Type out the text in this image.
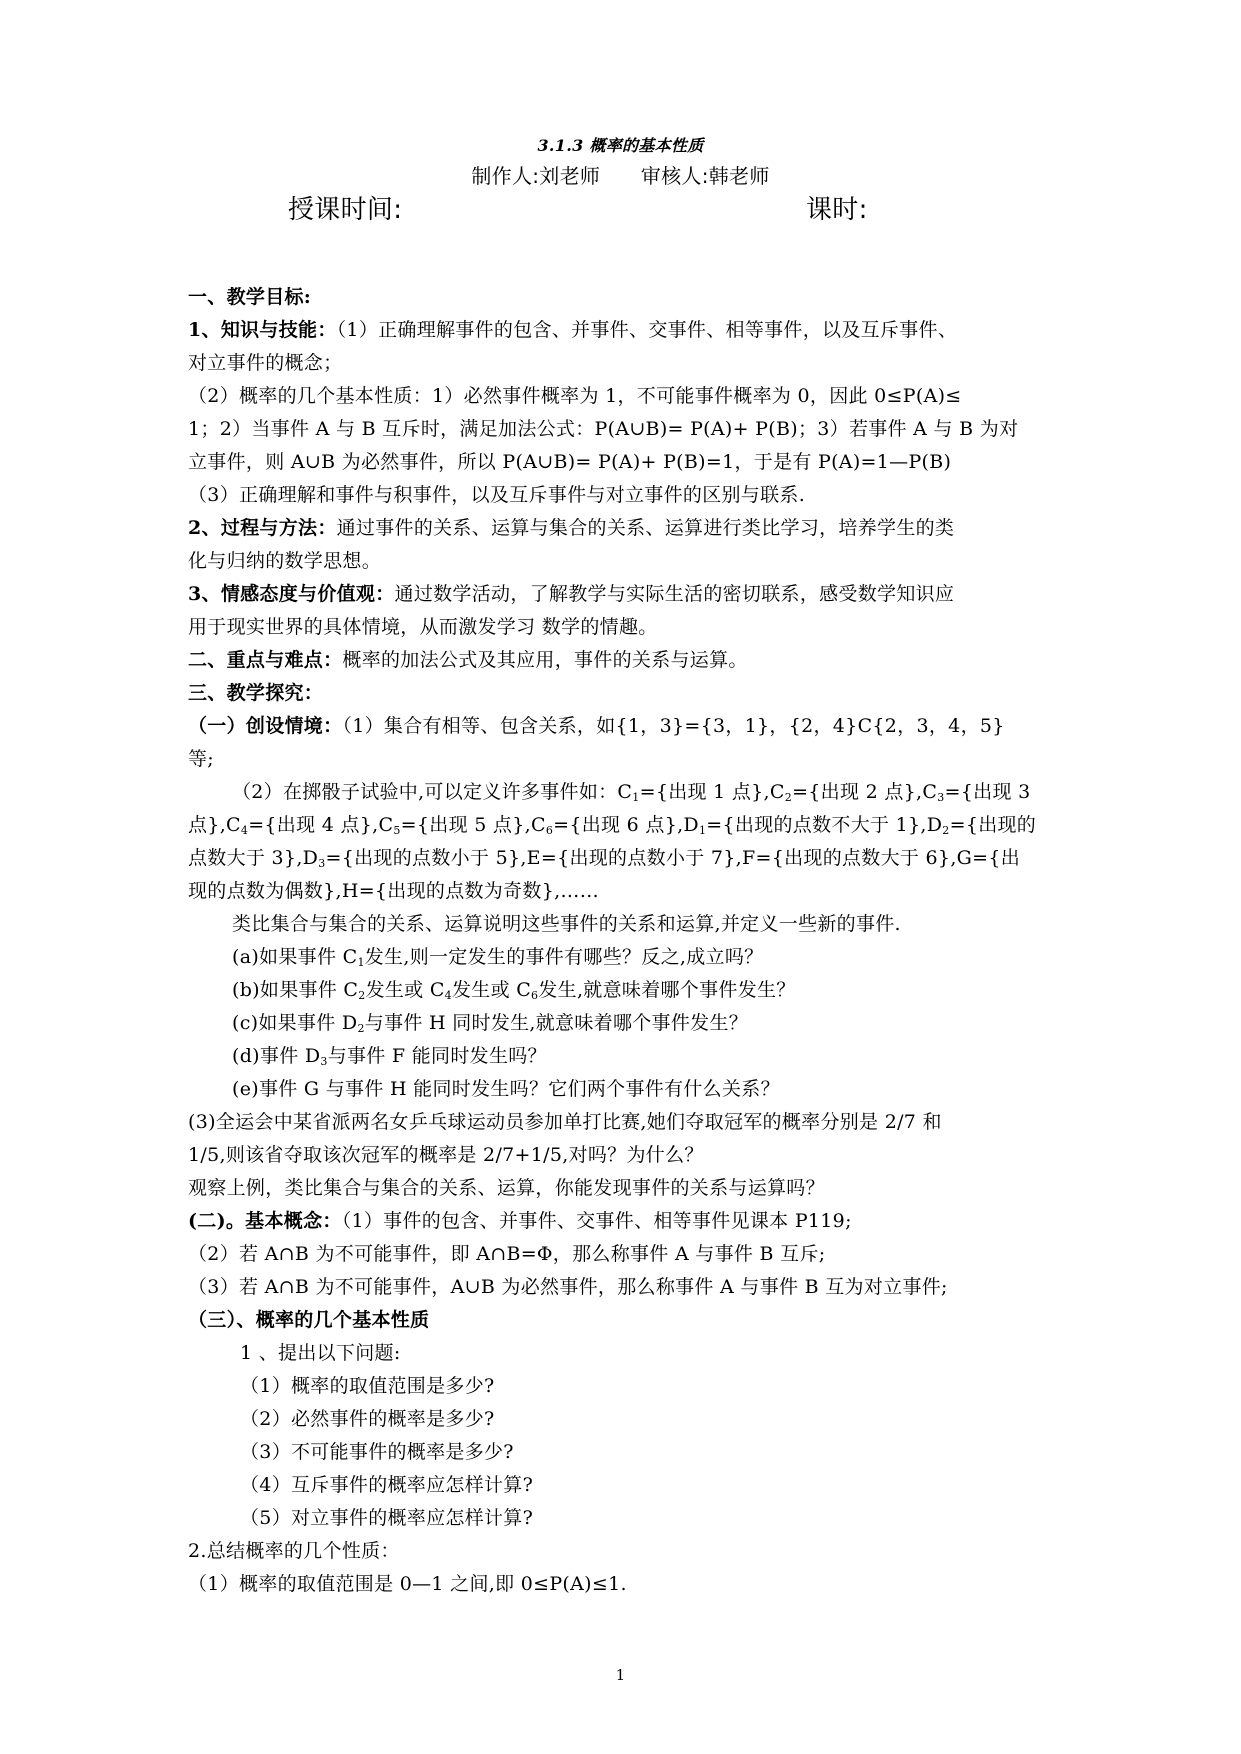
3.1.3 概率的基本性质
制作人:刘老师　　审核人:韩老师
授课时间:	课时:
一、教学目标:
1、知识与技能：（1）正确理解事件的包含、并事件、交事件、相等事件，以及互斥事件、
对立事件的概念；
（2）概率的几个基本性质：1）必然事件概率为 1，不可能事件概率为 0，因此 0≤P(A)≤
1；2）当事件 A 与 B 互斥时，满足加法公式：P(A∪B)= P(A)+ P(B)；3）若事件 A 与 B 为对
立事件，则 A∪B 为必然事件，所以 P(A∪B)= P(A)+ P(B)=1，于是有 P(A)=1—P(B)
（3）正确理解和事件与积事件，以及互斥事件与对立事件的区别与联系.
2、过程与方法：通过事件的关系、运算与集合的关系、运算进行类比学习，培养学生的类
化与归纳的数学思想。
3、情感态度与价值观：通过数学活动，了解教学与实际生活的密切联系，感受数学知识应
用于现实世界的具体情境，从而激发学习 数学的情趣。
二、重点与难点：概率的加法公式及其应用，事件的关系与运算。
三、教学探究：
（一）创设情境：（1）集合有相等、包含关系，如{1，3}={3，1}，{2，4}C{2，3，4，5}
等;
（2）在掷骰子试验中,可以定义许多事件如：$C_1=${出现 1 点}$,C_2=${出现 2 点}$,C_3=${出现 3
点}$,C_4=${出现 4 点}$,C_5=${出现 5 点}$,C_6=${出现 6 点}$,D_1=${出现的点数不大于 $1\},D_2=${出现的
点数大于 $3\},D_3=${出现的点数小于 5},E={出现的点数小于 7},F={出现的点数大于 6},G={出
现的点数为偶数},H={出现的点数为奇数},……
类比集合与集合的关系、运算说明这些事件的关系和运算,并定义一些新的事件.
(a)如果事件 $C_1$发生,则一定发生的事件有哪些？反之,成立吗？
(b)如果事件 $C_2$发生或 $C_4$发生或 $C_6$发生,就意味着哪个事件发生？
(c)如果事件 $D_2$与事件 H 同时发生,就意味着哪个事件发生？
(d)事件 $D_3$与事件 F 能同时发生吗？
(e)事件 G 与事件 H 能同时发生吗？它们两个事件有什么关系？
(3)全运会中某省派两名女乒乓球运动员参加单打比赛,她们夺取冠军的概率分别是 2/7 和
1/5,则该省夺取该次冠军的概率是 2/7+1/5,对吗？为什么？
观察上例，类比集合与集合的关系、运算，你能发现事件的关系与运算吗？
(二)。基本概念：（1）事件的包含、并事件、交事件、相等事件见课本 P119;
（2）若 A∩B 为不可能事件，即 A∩B=Φ，那么称事件 A 与事件 B 互斥;
（3）若 A∩B 为不可能事件，A∪B 为必然事件，那么称事件 A 与事件 B 互为对立事件;
（三）、概率的几个基本性质
1 、提出以下问题:
（1）概率的取值范围是多少?
（2）必然事件的概率是多少?
（3）不可能事件的概率是多少?
（4）互斥事件的概率应怎样计算?
（5）对立事件的概率应怎样计算?
2.总结概率的几个性质：
（1）概率的取值范围是 0—1 之间,即 0≤P(A)≤1.
1
